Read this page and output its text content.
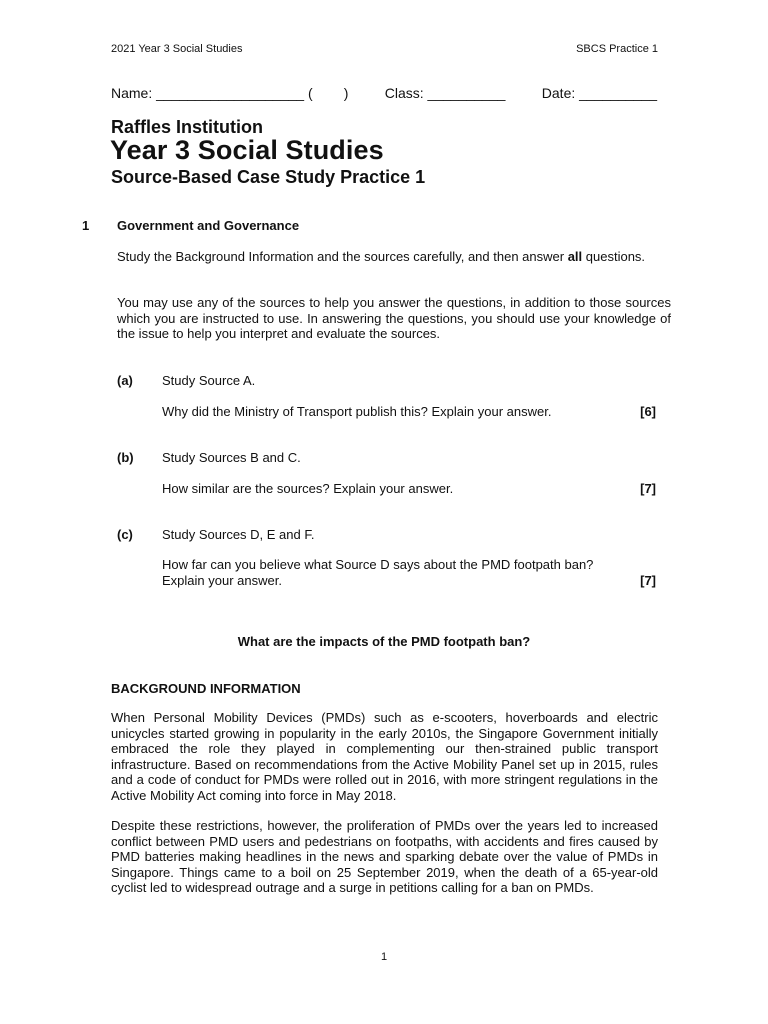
2021 Year 3 Social Studies	SBCS Practice 1
Name: ___________________ (        )	Class: __________	Date: __________
Raffles Institution
Year 3 Social Studies
Source-Based Case Study Practice 1
1 Government and Governance
Study the Background Information and the sources carefully, and then answer all questions.
You may use any of the sources to help you answer the questions, in addition to those sources which you are instructed to use. In answering the questions, you should use your knowledge of the issue to help you interpret and evaluate the sources.
(a) Study Source A.
Why did the Ministry of Transport publish this? Explain your answer.	[6]
(b) Study Sources B and C.
How similar are the sources? Explain your answer.	[7]
(c) Study Sources D, E and F.
How far can you believe what Source D says about the PMD footpath ban?
Explain your answer.	[7]
What are the impacts of the PMD footpath ban?
BACKGROUND INFORMATION
When Personal Mobility Devices (PMDs) such as e-scooters, hoverboards and electric unicycles started growing in popularity in the early 2010s, the Singapore Government initially embraced the role they played in complementing our then-strained public transport infrastructure. Based on recommendations from the Active Mobility Panel set up in 2015, rules and a code of conduct for PMDs were rolled out in 2016, with more stringent regulations in the Active Mobility Act coming into force in May 2018.
Despite these restrictions, however, the proliferation of PMDs over the years led to increased conflict between PMD users and pedestrians on footpaths, with accidents and fires caused by PMD batteries making headlines in the news and sparking debate over the value of PMDs in Singapore. Things came to a boil on 25 September 2019, when the death of a 65-year-old cyclist led to widespread outrage and a surge in petitions calling for a ban on PMDs.
1
